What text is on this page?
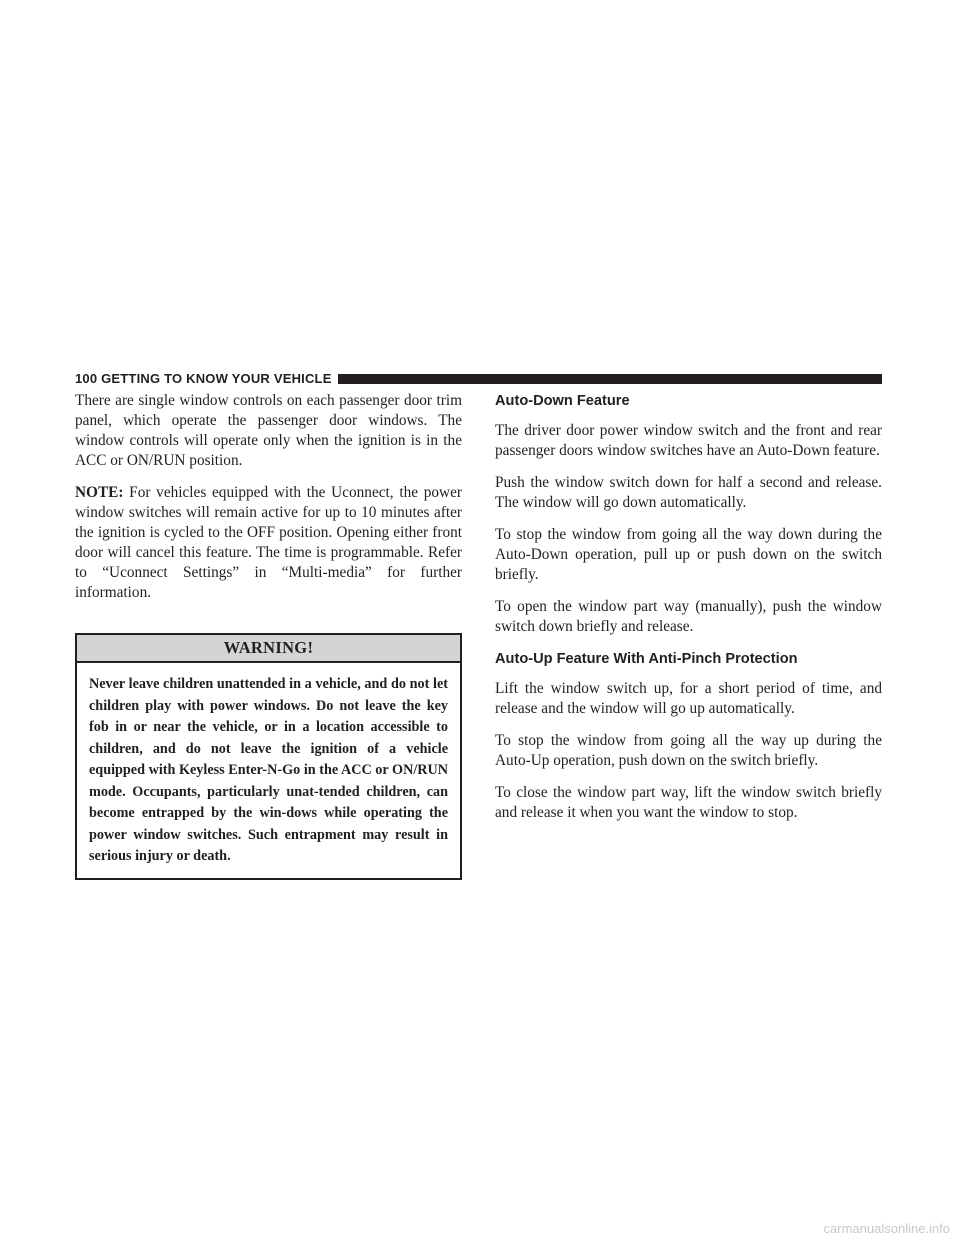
100 GETTING TO KNOW YOUR VEHICLE

There are single window controls on each passenger door trim panel, which operate the passenger door windows. The window controls will operate only when the ignition is in the ACC or ON/RUN position.

NOTE: For vehicles equipped with the Uconnect, the power window switches will remain active for up to 10 minutes after the ignition is cycled to the OFF position. Opening either front door will cancel this feature. The time is programmable. Refer to “Uconnect Settings” in “Multi-media” for further information.

WARNING!
Never leave children unattended in a vehicle, and do not let children play with power windows. Do not leave the key fob in or near the vehicle, or in a location accessible to children, and do not leave the ignition of a vehicle equipped with Keyless Enter-N-Go in the ACC or ON/RUN mode. Occupants, particularly unat-tended children, can become entrapped by the win-dows while operating the power window switches. Such entrapment may result in serious injury or death.
Auto-Down Feature

The driver door power window switch and the front and rear passenger doors window switches have an Auto-Down feature.

Push the window switch down for half a second and release. The window will go down automatically.

To stop the window from going all the way down during the Auto-Down operation, pull up or push down on the switch briefly.

To open the window part way (manually), push the window switch down briefly and release.

Auto-Up Feature With Anti-Pinch Protection

Lift the window switch up, for a short period of time, and release and the window will go up automatically.

To stop the window from going all the way up during the Auto-Up operation, push down on the switch briefly.

To close the window part way, lift the window switch briefly and release it when you want the window to stop.

carmanualsonline.info
